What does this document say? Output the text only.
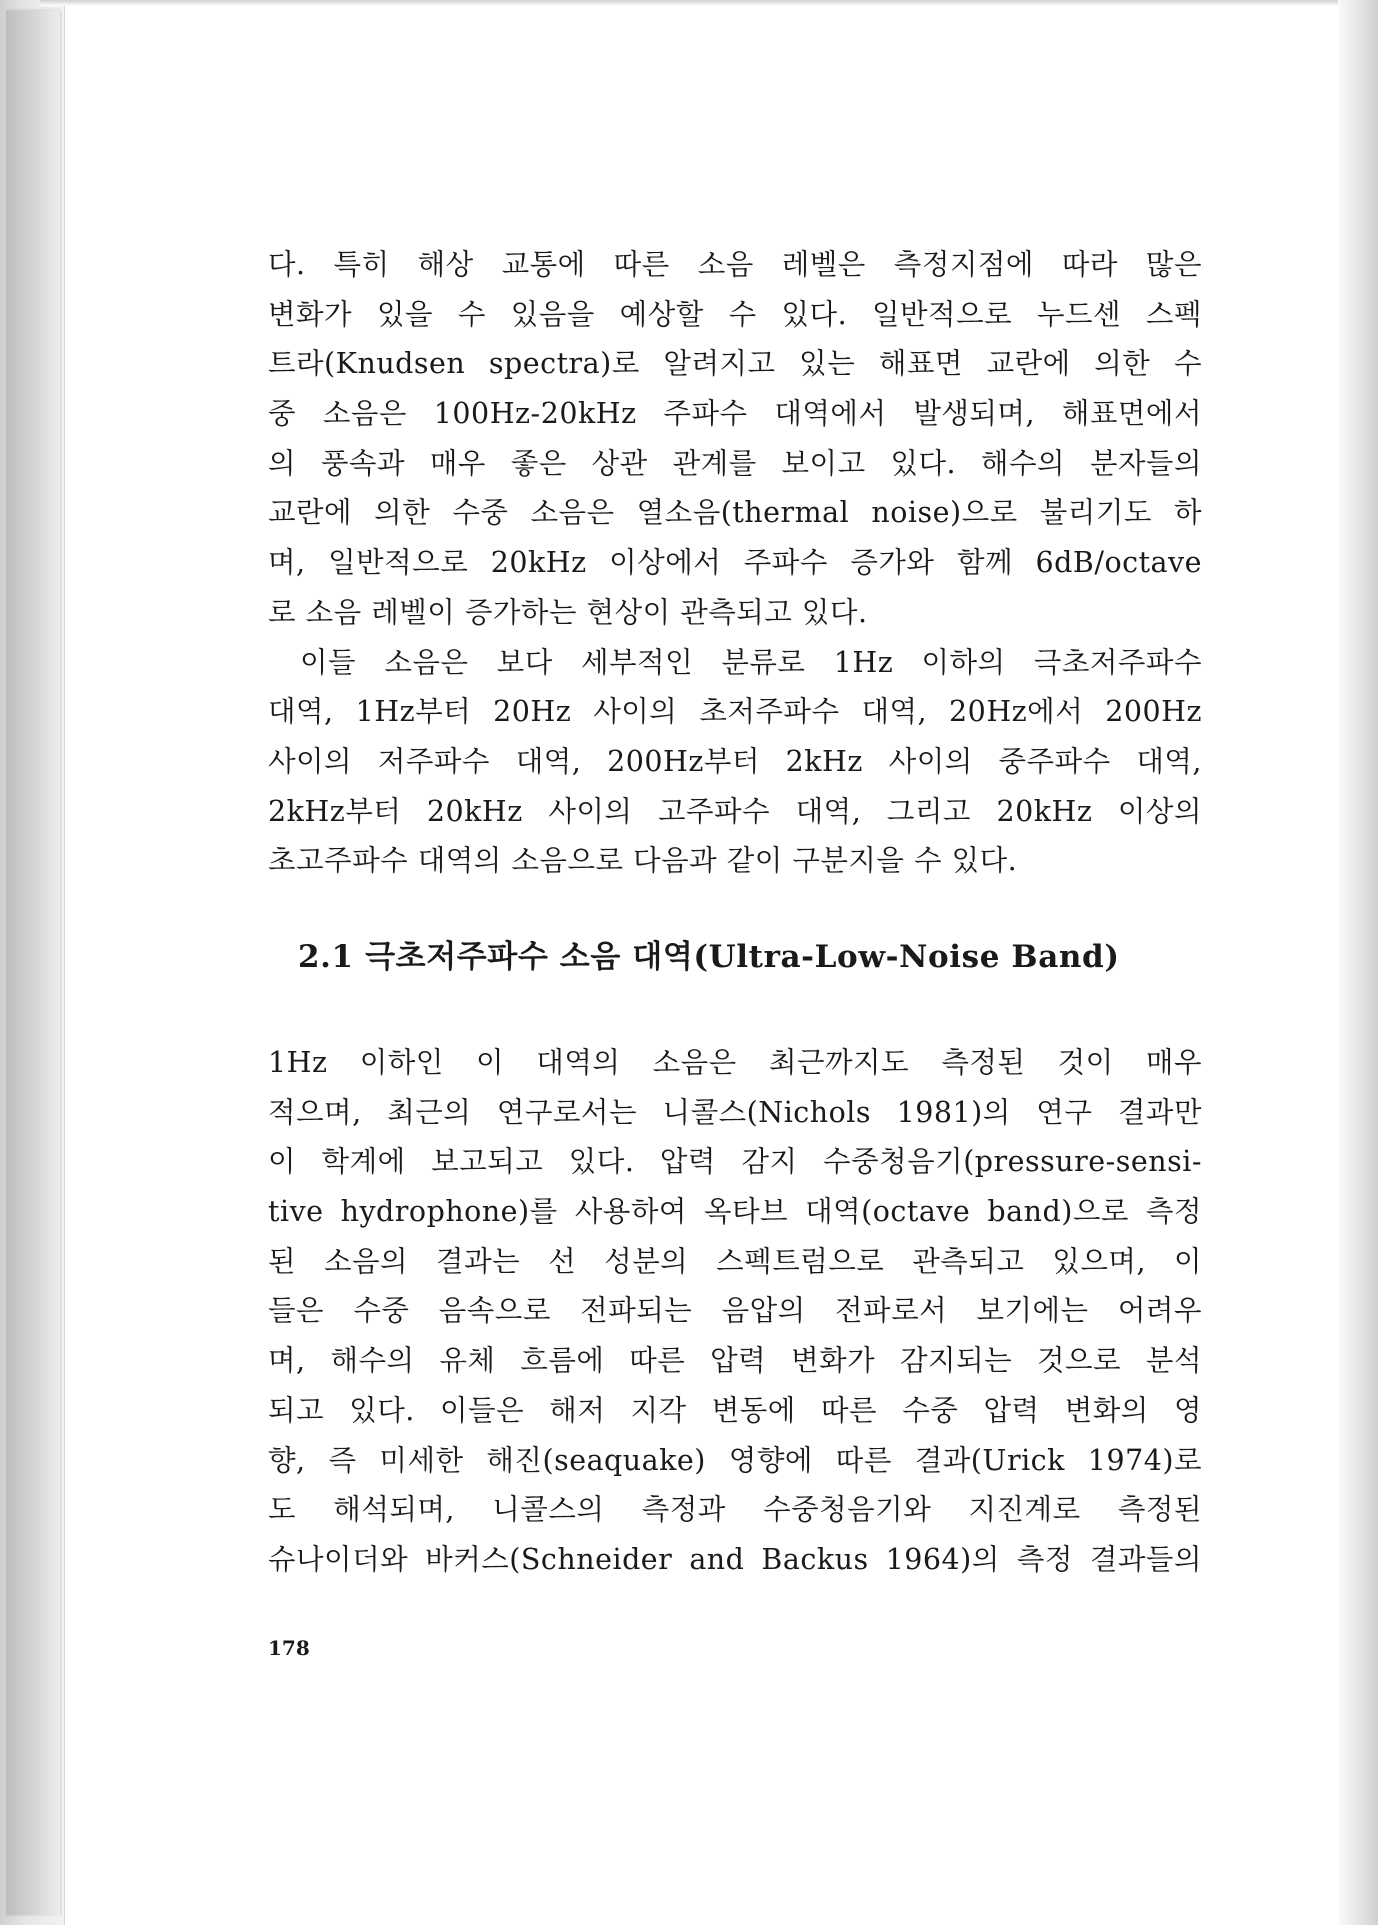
다. 특히 해상 교통에 따른 소음 레벨은 측정지점에 따라 많은

변화가 있을 수 있음을 예상할 수 있다. 일반적으로 누드센 스펙

트라(Knudsen spectra)로 알려지고 있는 해표면 교란에 의한 수

중 소음은 100Hz-20kHz 주파수 대역에서 발생되며, 해표면에서

의 풍속과 매우 좋은 상관 관계를 보이고 있다. 해수의 분자들의

교란에 의한 수중 소음은 열소음(thermal noise)으로 불리기도 하

며, 일반적으로 20kHz 이상에서 주파수 증가와 함께 6dB/octave

로 소음 레벨이 증가하는 현상이 관측되고 있다.

이들 소음은 보다 세부적인 분류로 1Hz 이하의 극초저주파수

대역, 1Hz부터 20Hz 사이의 초저주파수 대역, 20Hz에서 200Hz

사이의 저주파수 대역, 200Hz부터 2kHz 사이의 중주파수 대역,

2kHz부터 20kHz 사이의 고주파수 대역, 그리고 20kHz 이상의

초고주파수 대역의 소음으로 다음과 같이 구분지을 수 있다.

2.1 극초저주파수 소음 대역(Ultra-Low-Noise Band)

1Hz 이하인 이 대역의 소음은 최근까지도 측정된 것이 매우

적으며, 최근의 연구로서는 니콜스(Nichols 1981)의 연구 결과만

이 학계에 보고되고 있다. 압력 감지 수중청음기(pressure-sensi-

tive hydrophone)를 사용하여 옥타브 대역(octave band)으로 측정

된 소음의 결과는 선 성분의 스펙트럼으로 관측되고 있으며, 이

들은 수중 음속으로 전파되는 음압의 전파로서 보기에는 어려우

며, 해수의 유체 흐름에 따른 압력 변화가 감지되는 것으로 분석

되고 있다. 이들은 해저 지각 변동에 따른 수중 압력 변화의 영

향, 즉 미세한 해진(seaquake) 영향에 따른 결과(Urick 1974)로

도 해석되며, 니콜스의 측정과 수중청음기와 지진계로 측정된

슈나이더와 바커스(Schneider and Backus 1964)의 측정 결과들의

178
